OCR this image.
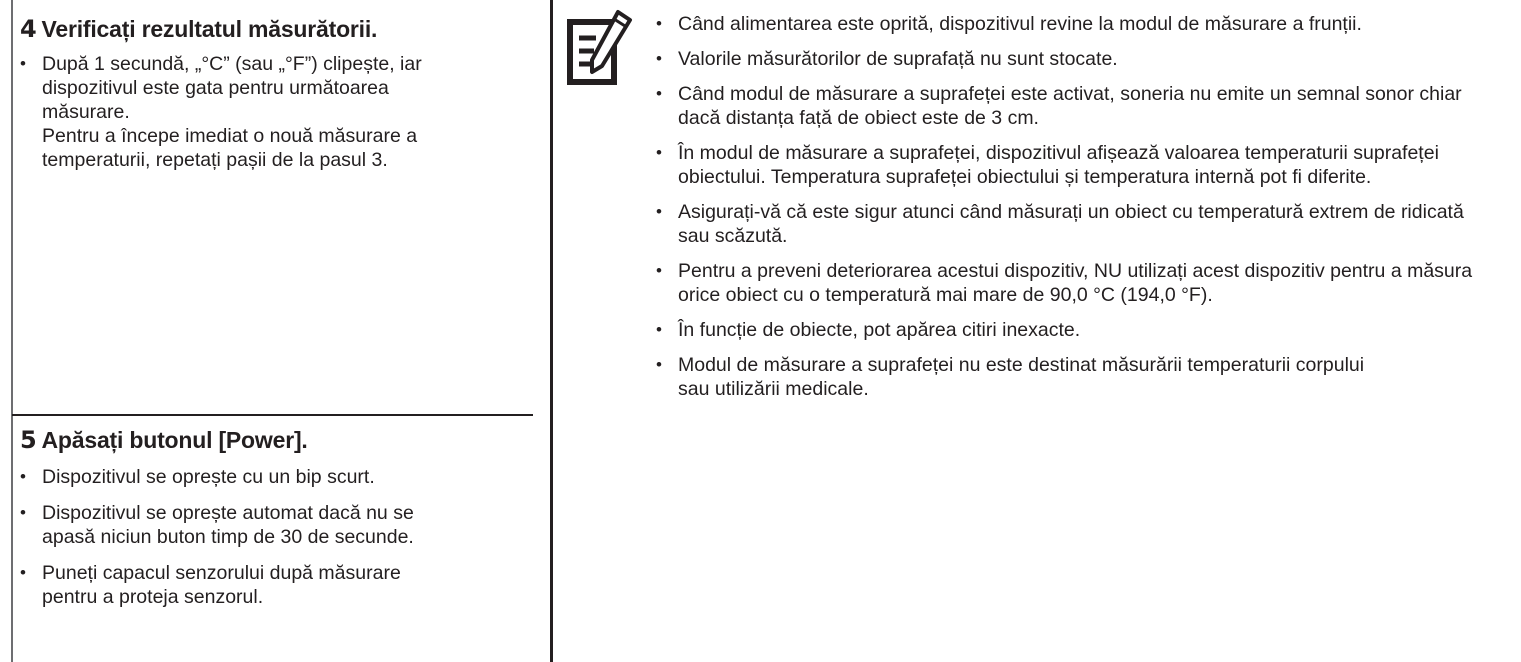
4 Verificați rezultatul măsurătorii.
• După 1 secundă, „°C” (sau „°F”) clipește, iar dispozitivul este gata pentru următoarea măsurare.
Pentru a începe imediat o nouă măsurare a temperaturii, repetați pașii de la pasul 3.
5 Apăsați butonul [Power].
• Dispozitivul se oprește cu un bip scurt.
• Dispozitivul se oprește automat dacă nu se apasă niciun buton timp de 30 de secunde.
• Puneți capacul senzorului după măsurare pentru a proteja senzorul.
• Când alimentarea este oprită, dispozitivul revine la modul de măsurare a frunții.
• Valorile măsurătorilor de suprafață nu sunt stocate.
• Când modul de măsurare a suprafeței este activat, soneria nu emite un semnal sonor chiar dacă distanța față de obiect este de 3 cm.
• În modul de măsurare a suprafeței, dispozitivul afișează valoarea temperaturii suprafeței obiectului. Temperatura suprafeței obiectului și temperatura internă pot fi diferite.
• Asigurați-vă că este sigur atunci când măsurați un obiect cu temperatură extrem de ridicată sau scăzută.
• Pentru a preveni deteriorarea acestui dispozitiv, NU utilizați acest dispozitiv pentru a măsura orice obiect cu o temperatură mai mare de 90,0 °C (194,0 °F).
• În funcție de obiecte, pot apărea citiri inexacte.
• Modul de măsurare a suprafeței nu este destinat măsurării temperaturii corpului sau utilizării medicale.
